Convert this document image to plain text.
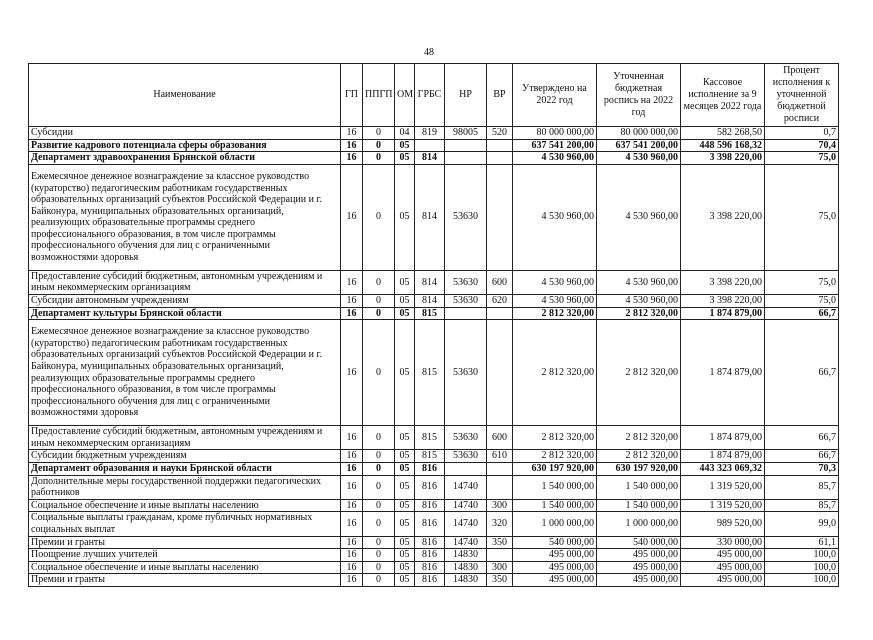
48
Наименование	ГП	ППГП	ОМ	ГРБС	НР	ВР	Утверждено на 2022 год	Уточненная бюджетная роспись на 2022 год	Кассовое исполнение за 9 месяцев 2022 года	Процент исполнения к уточненной бюджетной росписи
Субсидии	16	0	04	819	98005	520	80 000 000,00	80 000 000,00	582 268,50	0,7
Развитие кадрового потенциала сферы образования	16	0	05				637 541 200,00	637 541 200,00	448 596 168,32	70,4
Департамент здравоохранения Брянской области	16	0	05	814			4 530 960,00	4 530 960,00	3 398 220,00	75,0
Ежемесячное денежное вознаграждение за классное руководство (кураторство) педагогическим работникам государственных образовательных организаций субъектов Российской Федерации и г. Байконура, муниципальных образовательных организаций, реализующих образовательные программы среднего профессионального образования, в том числе программы профессионального обучения для лиц с ограниченными возможностями здоровья	16	0	05	814	53630		4 530 960,00	4 530 960,00	3 398 220,00	75,0
Предоставление субсидий бюджетным, автономным учреждениям и иным некоммерческим организациям	16	0	05	814	53630	600	4 530 960,00	4 530 960,00	3 398 220,00	75,0
Субсидии автономным учреждениям	16	0	05	814	53630	620	4 530 960,00	4 530 960,00	3 398 220,00	75,0
Департамент культуры Брянской области	16	0	05	815			2 812 320,00	2 812 320,00	1 874 879,00	66,7
Ежемесячное денежное вознаграждение за классное руководство (кураторство) педагогическим работникам государственных образовательных организаций субъектов Российской Федерации и г. Байконура, муниципальных образовательных организаций, реализующих образовательные программы среднего профессионального образования, в том числе программы профессионального обучения для лиц с ограниченными возможностями здоровья	16	0	05	815	53630		2 812 320,00	2 812 320,00	1 874 879,00	66,7
Предоставление субсидий бюджетным, автономным учреждениям и иным некоммерческим организациям	16	0	05	815	53630	600	2 812 320,00	2 812 320,00	1 874 879,00	66,7
Субсидии бюджетным учреждениям	16	0	05	815	53630	610	2 812 320,00	2 812 320,00	1 874 879,00	66,7
Департамент образования и науки Брянской области	16	0	05	816			630 197 920,00	630 197 920,00	443 323 069,32	70,3
Дополнительные меры государственной поддержки педагогических работников	16	0	05	816	14740		1 540 000,00	1 540 000,00	1 319 520,00	85,7
Социальное обеспечение и иные выплаты населению	16	0	05	816	14740	300	1 540 000,00	1 540 000,00	1 319 520,00	85,7
Социальные выплаты гражданам, кроме публичных нормативных социальных выплат	16	0	05	816	14740	320	1 000 000,00	1 000 000,00	989 520,00	99,0
Премии и гранты	16	0	05	816	14740	350	540 000,00	540 000,00	330 000,00	61,1
Поощрение лучших учителей	16	0	05	816	14830		495 000,00	495 000,00	495 000,00	100,0
Социальное обеспечение и иные выплаты населению	16	0	05	816	14830	300	495 000,00	495 000,00	495 000,00	100,0
Премии и гранты	16	0	05	816	14830	350	495 000,00	495 000,00	495 000,00	100,0
